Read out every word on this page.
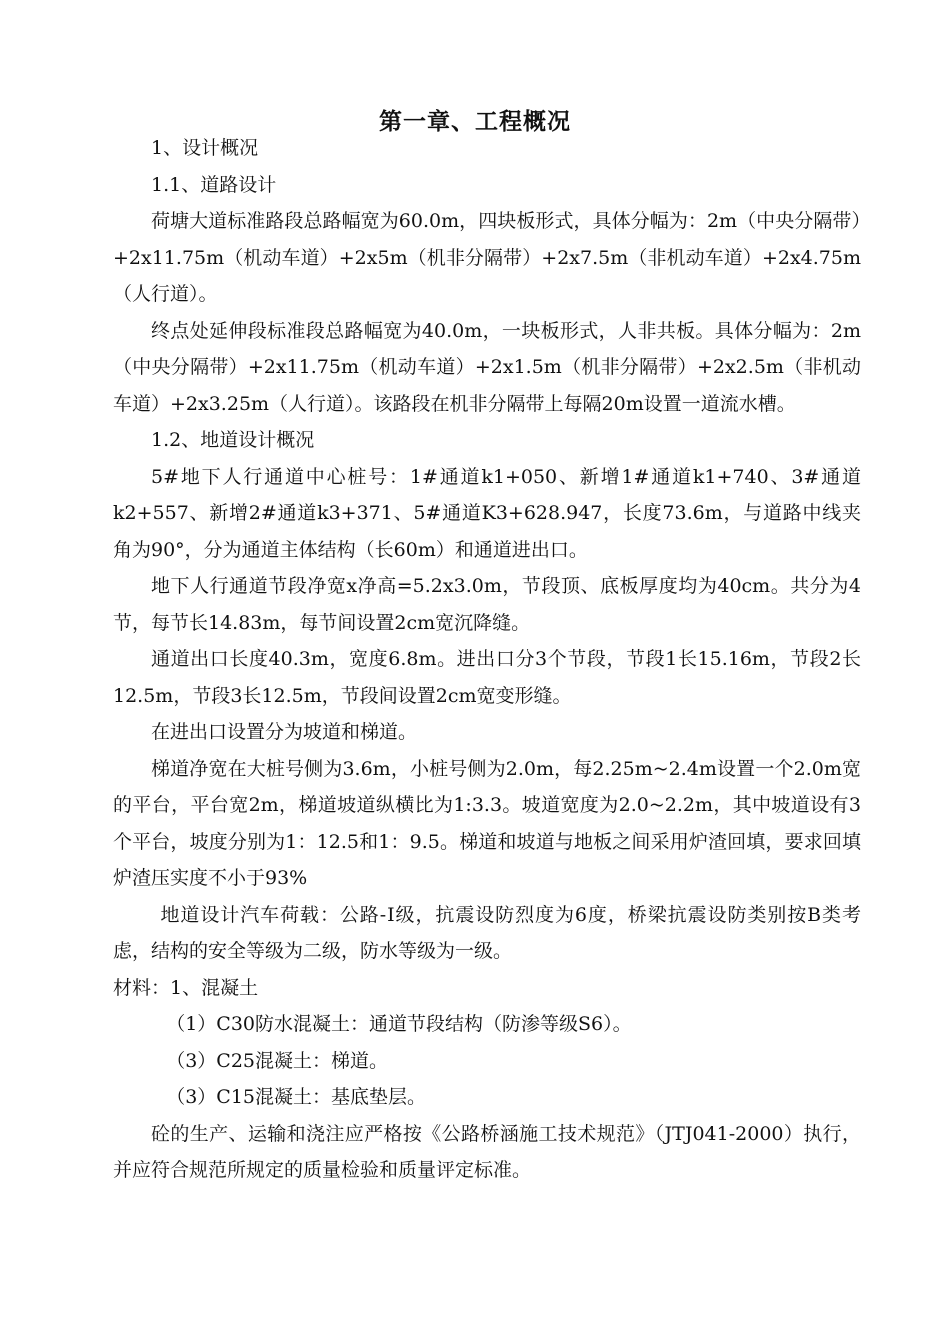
第一章、工程概况

1、设计概况

1.1、道路设计

荷塘大道标准路段总路幅宽为60.0m，四块板形式，具体分幅为：2m（中央分隔带）+2x11.75m（机动车道）+2x5m（机非分隔带）+2x7.5m（非机动车道）+2x4.75m（人行道）。

终点处延伸段标准段总路幅宽为40.0m，一块板形式，人非共板。具体分幅为：2m（中央分隔带）+2x11.75m（机动车道）+2x1.5m（机非分隔带）+2x2.5m（非机动车道）+2x3.25m（人行道）。该路段在机非分隔带上每隔20m设置一道流水槽。

1.2、地道设计概况

5#地下人行通道中心桩号：1#通道k1+050、新增1#通道k1+740、3#通道k2+557、新增2#通道k3+371、5#通道K3+628.947，长度73.6m，与道路中线夹角为90°，分为通道主体结构（长60m）和通道进出口。

地下人行通道节段净宽x净高=5.2x3.0m，节段顶、底板厚度均为40cm。共分为4节，每节长14.83m，每节间设置2cm宽沉降缝。

通道出口长度40.3m，宽度6.8m。进出口分3个节段，节段1长15.16m，节段2长12.5m，节段3长12.5m，节段间设置2cm宽变形缝。

在进出口设置分为坡道和梯道。

梯道净宽在大桩号侧为3.6m，小桩号侧为2.0m，每2.25m~2.4m设置一个2.0m宽的平台，平台宽2m，梯道坡道纵横比为1:3.3。坡道宽度为2.0~2.2m，其中坡道设有3个平台，坡度分别为1：12.5和1：9.5。梯道和坡道与地板之间采用炉渣回填，要求回填炉渣压实度不小于93%

地道设计汽车荷载：公路-Ⅰ级，抗震设防烈度为6度，桥梁抗震设防类别按B类考虑，结构的安全等级为二级，防水等级为一级。

材料：1、混凝土

（1）C30防水混凝土：通道节段结构（防渗等级S6）。

（3）C25混凝土：梯道。

（3）C15混凝土：基底垫层。

砼的生产、运输和浇注应严格按《公路桥涵施工技术规范》（JTJ041-2000）执行，并应符合规范所规定的质量检验和质量评定标准。
